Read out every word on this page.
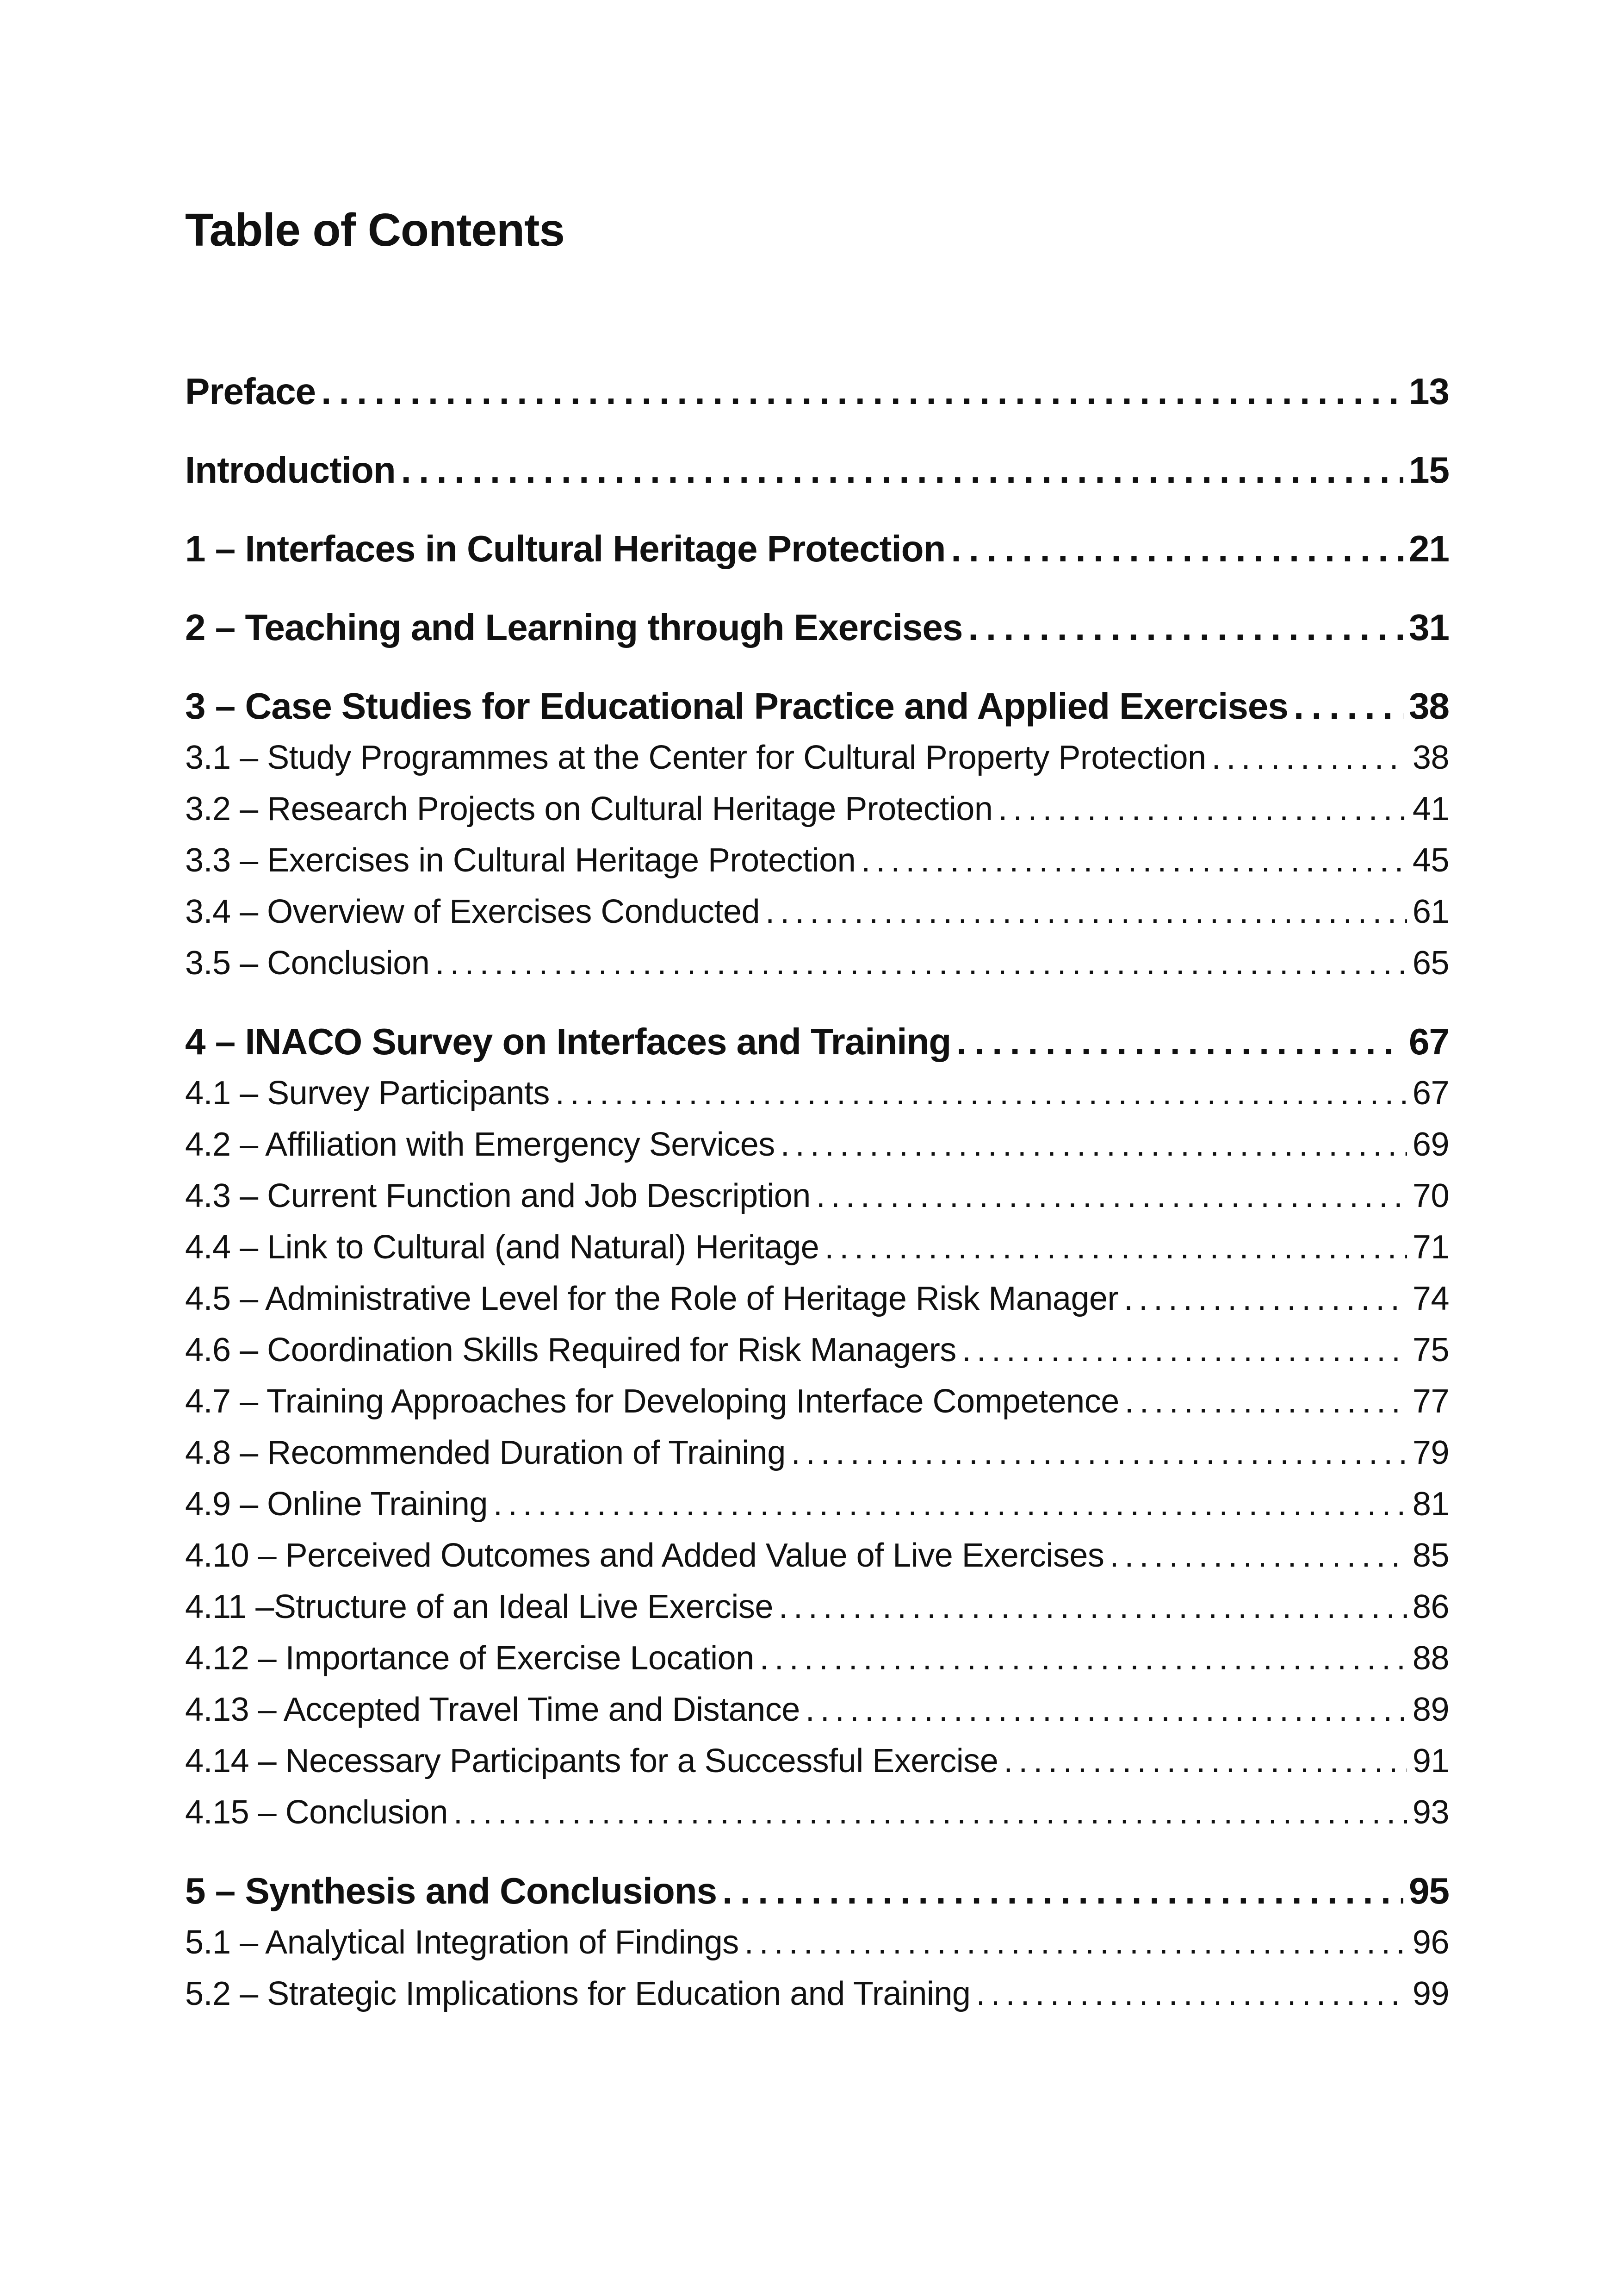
Table of Contents
Preface . . .	13
Introduction . . .	15
1 – Interfaces in Cultural Heritage Protection . . .	21
2 – Teaching and Learning through Exercises . . .	31
3 – Case Studies for Educational Practice and Applied Exercises . . .	38
3.1 – Study Programmes at the Center for Cultural Property Protection . . .	38
3.2 – Research Projects on Cultural Heritage Protection . . .	41
3.3 – Exercises in Cultural Heritage Protection . . .	45
3.4 – Overview of Exercises Conducted . . .	61
3.5 – Conclusion . . .	65
4 – INACO Survey on Interfaces and Training . . .	67
4.1 – Survey Participants . . .	67
4.2 – Affiliation with Emergency Services . . .	69
4.3 – Current Function and Job Description . . .	70
4.4 – Link to Cultural (and Natural) Heritage . . .	71
4.5 – Administrative Level for the Role of Heritage Risk Manager . . .	74
4.6 – Coordination Skills Required for Risk Managers . . .	75
4.7 – Training Approaches for Developing Interface Competence . . .	77
4.8 – Recommended Duration of Training . . .	79
4.9 – Online Training . . .	81
4.10 – Perceived Outcomes and Added Value of Live Exercises . . .	85
4.11 –Structure of an Ideal Live Exercise . . .	86
4.12 – Importance of Exercise Location . . .	88
4.13 – Accepted Travel Time and Distance . . .	89
4.14 – Necessary Participants for a Successful Exercise . . .	91
4.15 – Conclusion . . .	93
5 – Synthesis and Conclusions . . .	95
5.1 – Analytical Integration of Findings . . .	96
5.2 – Strategic Implications for Education and Training . . .	99
